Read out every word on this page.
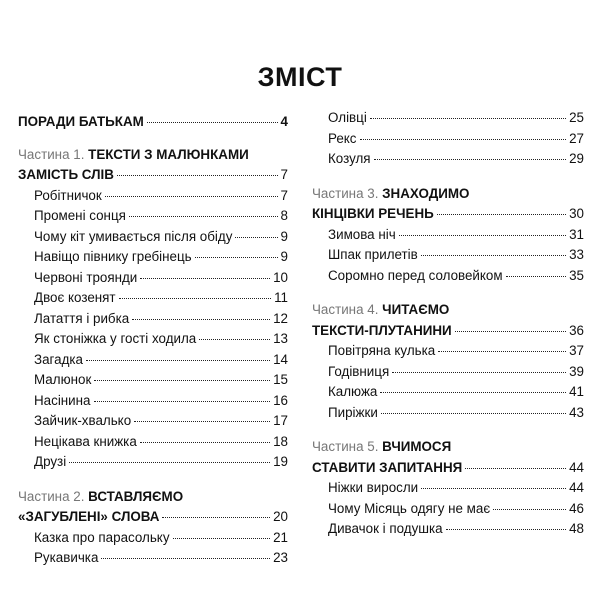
ЗМІСТ
ПОРАДИ БАТЬКАМ	4
Частина 1. ТЕКСТИ З МАЛЮНКАМИ
ЗАМІСТЬ СЛІВ	7
Робітничок	7
Промені сонця	8
Чому кіт умивається після обіду	9
Навіщо півнику гребінець	9
Червоні троянди	10
Двоє козенят	11
Латаття і рибка	12
Як стоніжка у гості ходила	13
Загадка	14
Малюнок	15
Насінина	16
Зайчик-хвалько	17
Нецікава книжка	18
Друзі	19
Частина 2. ВСТАВЛЯЄМО
«ЗАГУБЛЕНІ» СЛОВА	20
Казка про парасольку	21
Рукавичка	23
Олівці	25
Рекс	27
Козуля	29
Частина 3. ЗНАХОДИМО
КІНЦІВКИ РЕЧЕНЬ	30
Зимова ніч	31
Шпак прилетів	33
Соромно перед соловейком	35
Частина 4. ЧИТАЄМО
ТЕКСТИ-ПЛУТАНИНИ	36
Повітряна кулька	37
Годівниця	39
Калюжа	41
Пиріжки	43
Частина 5. ВЧИМОСЯ
СТАВИТИ ЗАПИТАННЯ	44
Ніжки виросли	44
Чому Місяць одягу не має	46
Дивачок і подушка	48
